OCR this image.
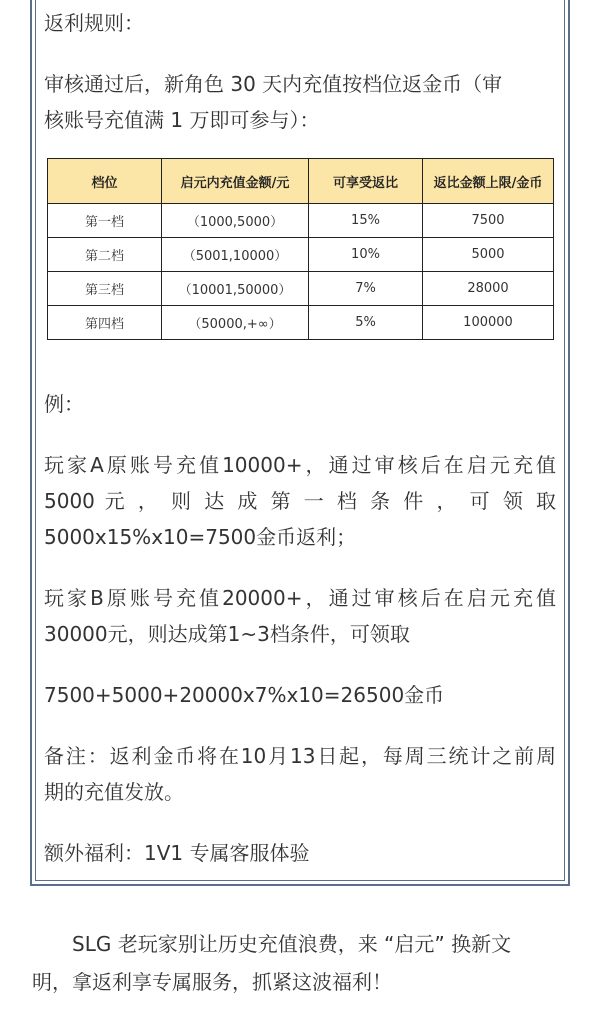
返利规则：
审核通过后，新角色 30 天内充值按档位返金币（审
核账号充值满 1 万即可参与）：
档位	启元内充值金额/元	可享受返比	返比金额上限/金币
第一档	（1000,5000）	15%	7500
第二档	（5001,10000）	10%	5000
第三档	（10001,50000）	7%	28000
第四档	（50000,+∞）	5%	100000
例：
玩家A原账号充值10000+，通过审核后在启元充值
5000 元 ， 则 达 成 第 一 档 条 件 ， 可 领 取
5000x15%x10=7500金币返利；
玩家B原账号充值20000+，通过审核后在启元充值
30000元，则达成第1~3档条件，可领取
7500+5000+20000x7%x10=26500金币
备注：返利金币将在10月13日起，每周三统计之前周
期的充值发放。
额外福利：1V1 专属客服体验
SLG 老玩家别让历史充值浪费，来 “启元” 换新文
明，拿返利享专属服务，抓紧这波福利！
